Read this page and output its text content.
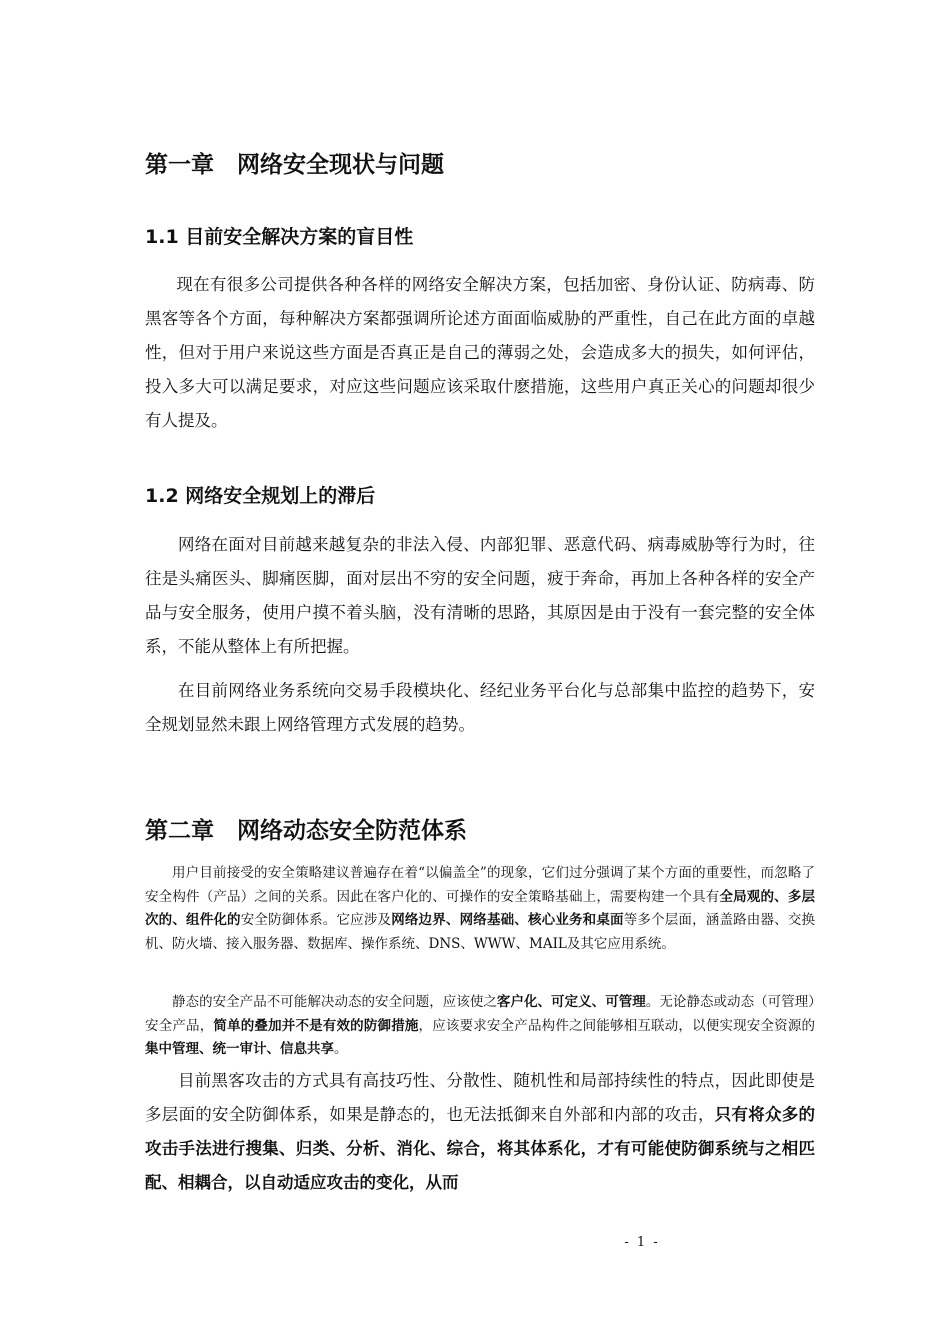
第一章　网络安全现状与问题
1.1 目前安全解决方案的盲目性

现在有很多公司提供各种各样的网络安全解决方案，包括加密、身份认证、防病毒、防黑客等各个方面，每种解决方案都强调所论述方面面临威胁的严重性，自己在此方面的卓越性，但对于用户来说这些方面是否真正是自己的薄弱之处，会造成多大的损失，如何评估，投入多大可以满足要求，对应这些问题应该采取什麽措施，这些用户真正关心的问题却很少有人提及。

1.2 网络安全规划上的滞后

网络在面对目前越来越复杂的非法入侵、内部犯罪、恶意代码、病毒威胁等行为时，往往是头痛医头、脚痛医脚，面对层出不穷的安全问题，疲于奔命，再加上各种各样的安全产品与安全服务，使用户摸不着头脑，没有清晰的思路，其原因是由于没有一套完整的安全体系，不能从整体上有所把握。

在目前网络业务系统向交易手段模块化、经纪业务平台化与总部集中监控的趋势下，安全规划显然未跟上网络管理方式发展的趋势。

第二章　网络动态安全防范体系

用户目前接受的安全策略建议普遍存在着“以偏盖全”的现象，它们过分强调了某个方面的重要性，而忽略了安全构件（产品）之间的关系。因此在客户化的、可操作的安全策略基础上，需要构建一个具有全局观的、多层次的、组件化的安全防御体系。它应涉及网络边界、网络基础、核心业务和桌面等多个层面，涵盖路由器、交换机、防火墙、接入服务器、数据库、操作系统、DNS、WWW、MAIL及其它应用系统。

静态的安全产品不可能解决动态的安全问题，应该使之客户化、可定义、可管理。无论静态或动态（可管理）安全产品，简单的叠加并不是有效的防御措施，应该要求安全产品构件之间能够相互联动，以便实现安全资源的集中管理、统一审计、信息共享。

目前黑客攻击的方式具有高技巧性、分散性、随机性和局部持续性的特点，因此即使是多层面的安全防御体系，如果是静态的，也无法抵御来自外部和内部的攻击，只有将众多的攻击手法进行搜集、归类、分析、消化、综合，将其体系化，才有可能使防御系统与之相匹配、相耦合，以自动适应攻击的变化，从而

- 1 -
